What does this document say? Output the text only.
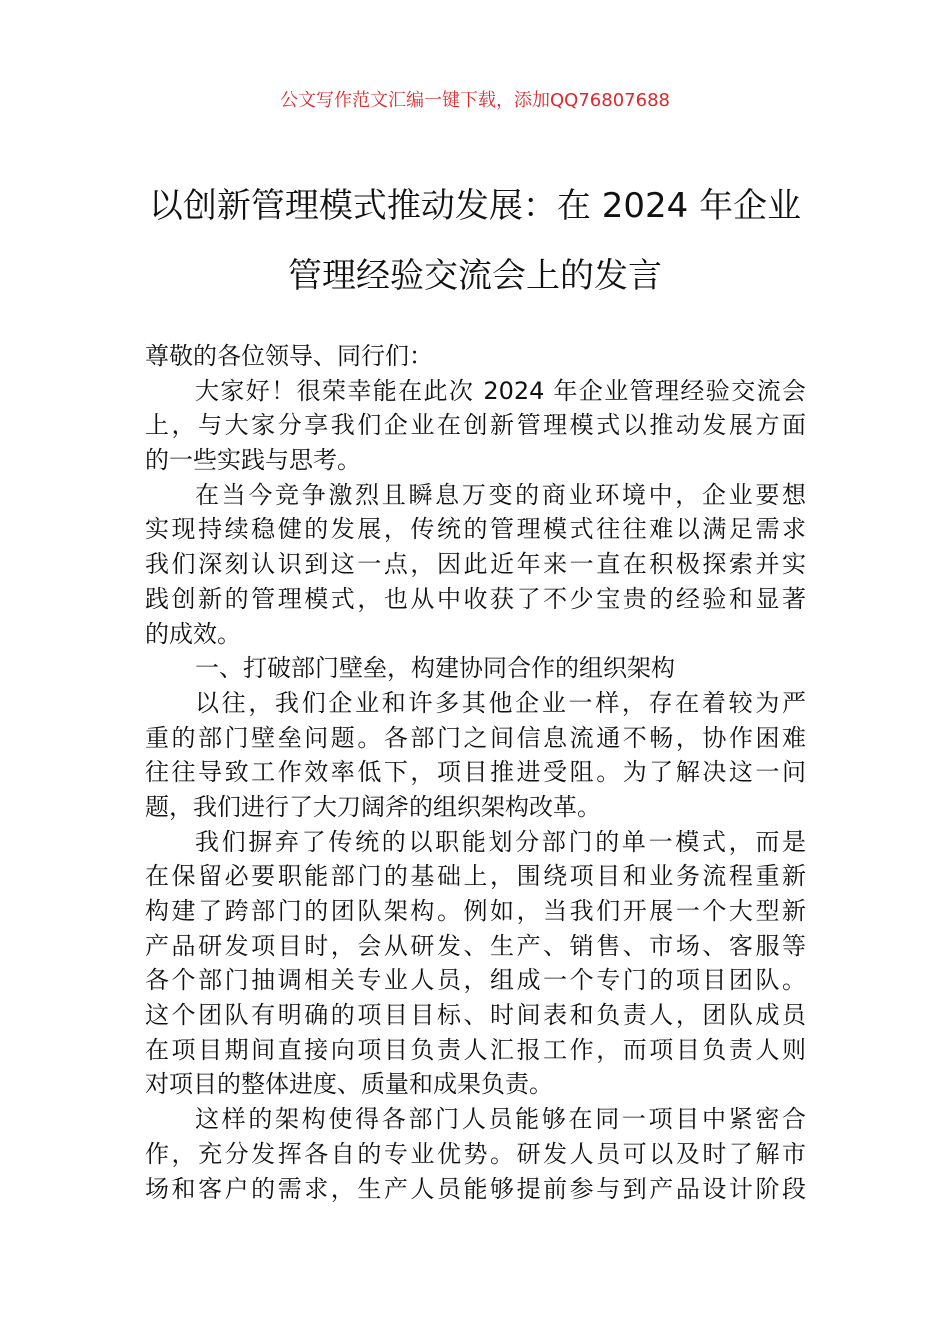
公文写作范文汇编一键下载，添加QQ76807688
以创新管理模式推动发展：在 2024 年企业
管理经验交流会上的发言
尊敬的各位领导、同行们：
大家好！很荣幸能在此次 2024 年企业管理经验交流会
上，与大家分享我们企业在创新管理模式以推动发展方面
的一些实践与思考。
在当今竞争激烈且瞬息万变的商业环境中，企业要想
实现持续稳健的发展，传统的管理模式往往难以满足需求
我们深刻认识到这一点，因此近年来一直在积极探索并实
践创新的管理模式，也从中收获了不少宝贵的经验和显著
的成效。
一、打破部门壁垒，构建协同合作的组织架构
以往，我们企业和许多其他企业一样，存在着较为严
重的部门壁垒问题。各部门之间信息流通不畅，协作困难
往往导致工作效率低下，项目推进受阻。为了解决这一问
题，我们进行了大刀阔斧的组织架构改革。
我们摒弃了传统的以职能划分部门的单一模式，而是
在保留必要职能部门的基础上，围绕项目和业务流程重新
构建了跨部门的团队架构。例如，当我们开展一个大型新
产品研发项目时，会从研发、生产、销售、市场、客服等
各个部门抽调相关专业人员，组成一个专门的项目团队。
这个团队有明确的项目目标、时间表和负责人，团队成员
在项目期间直接向项目负责人汇报工作，而项目负责人则
对项目的整体进度、质量和成果负责。
这样的架构使得各部门人员能够在同一项目中紧密合
作，充分发挥各自的专业优势。研发人员可以及时了解市
场和客户的需求，生产人员能够提前参与到产品设计阶段
